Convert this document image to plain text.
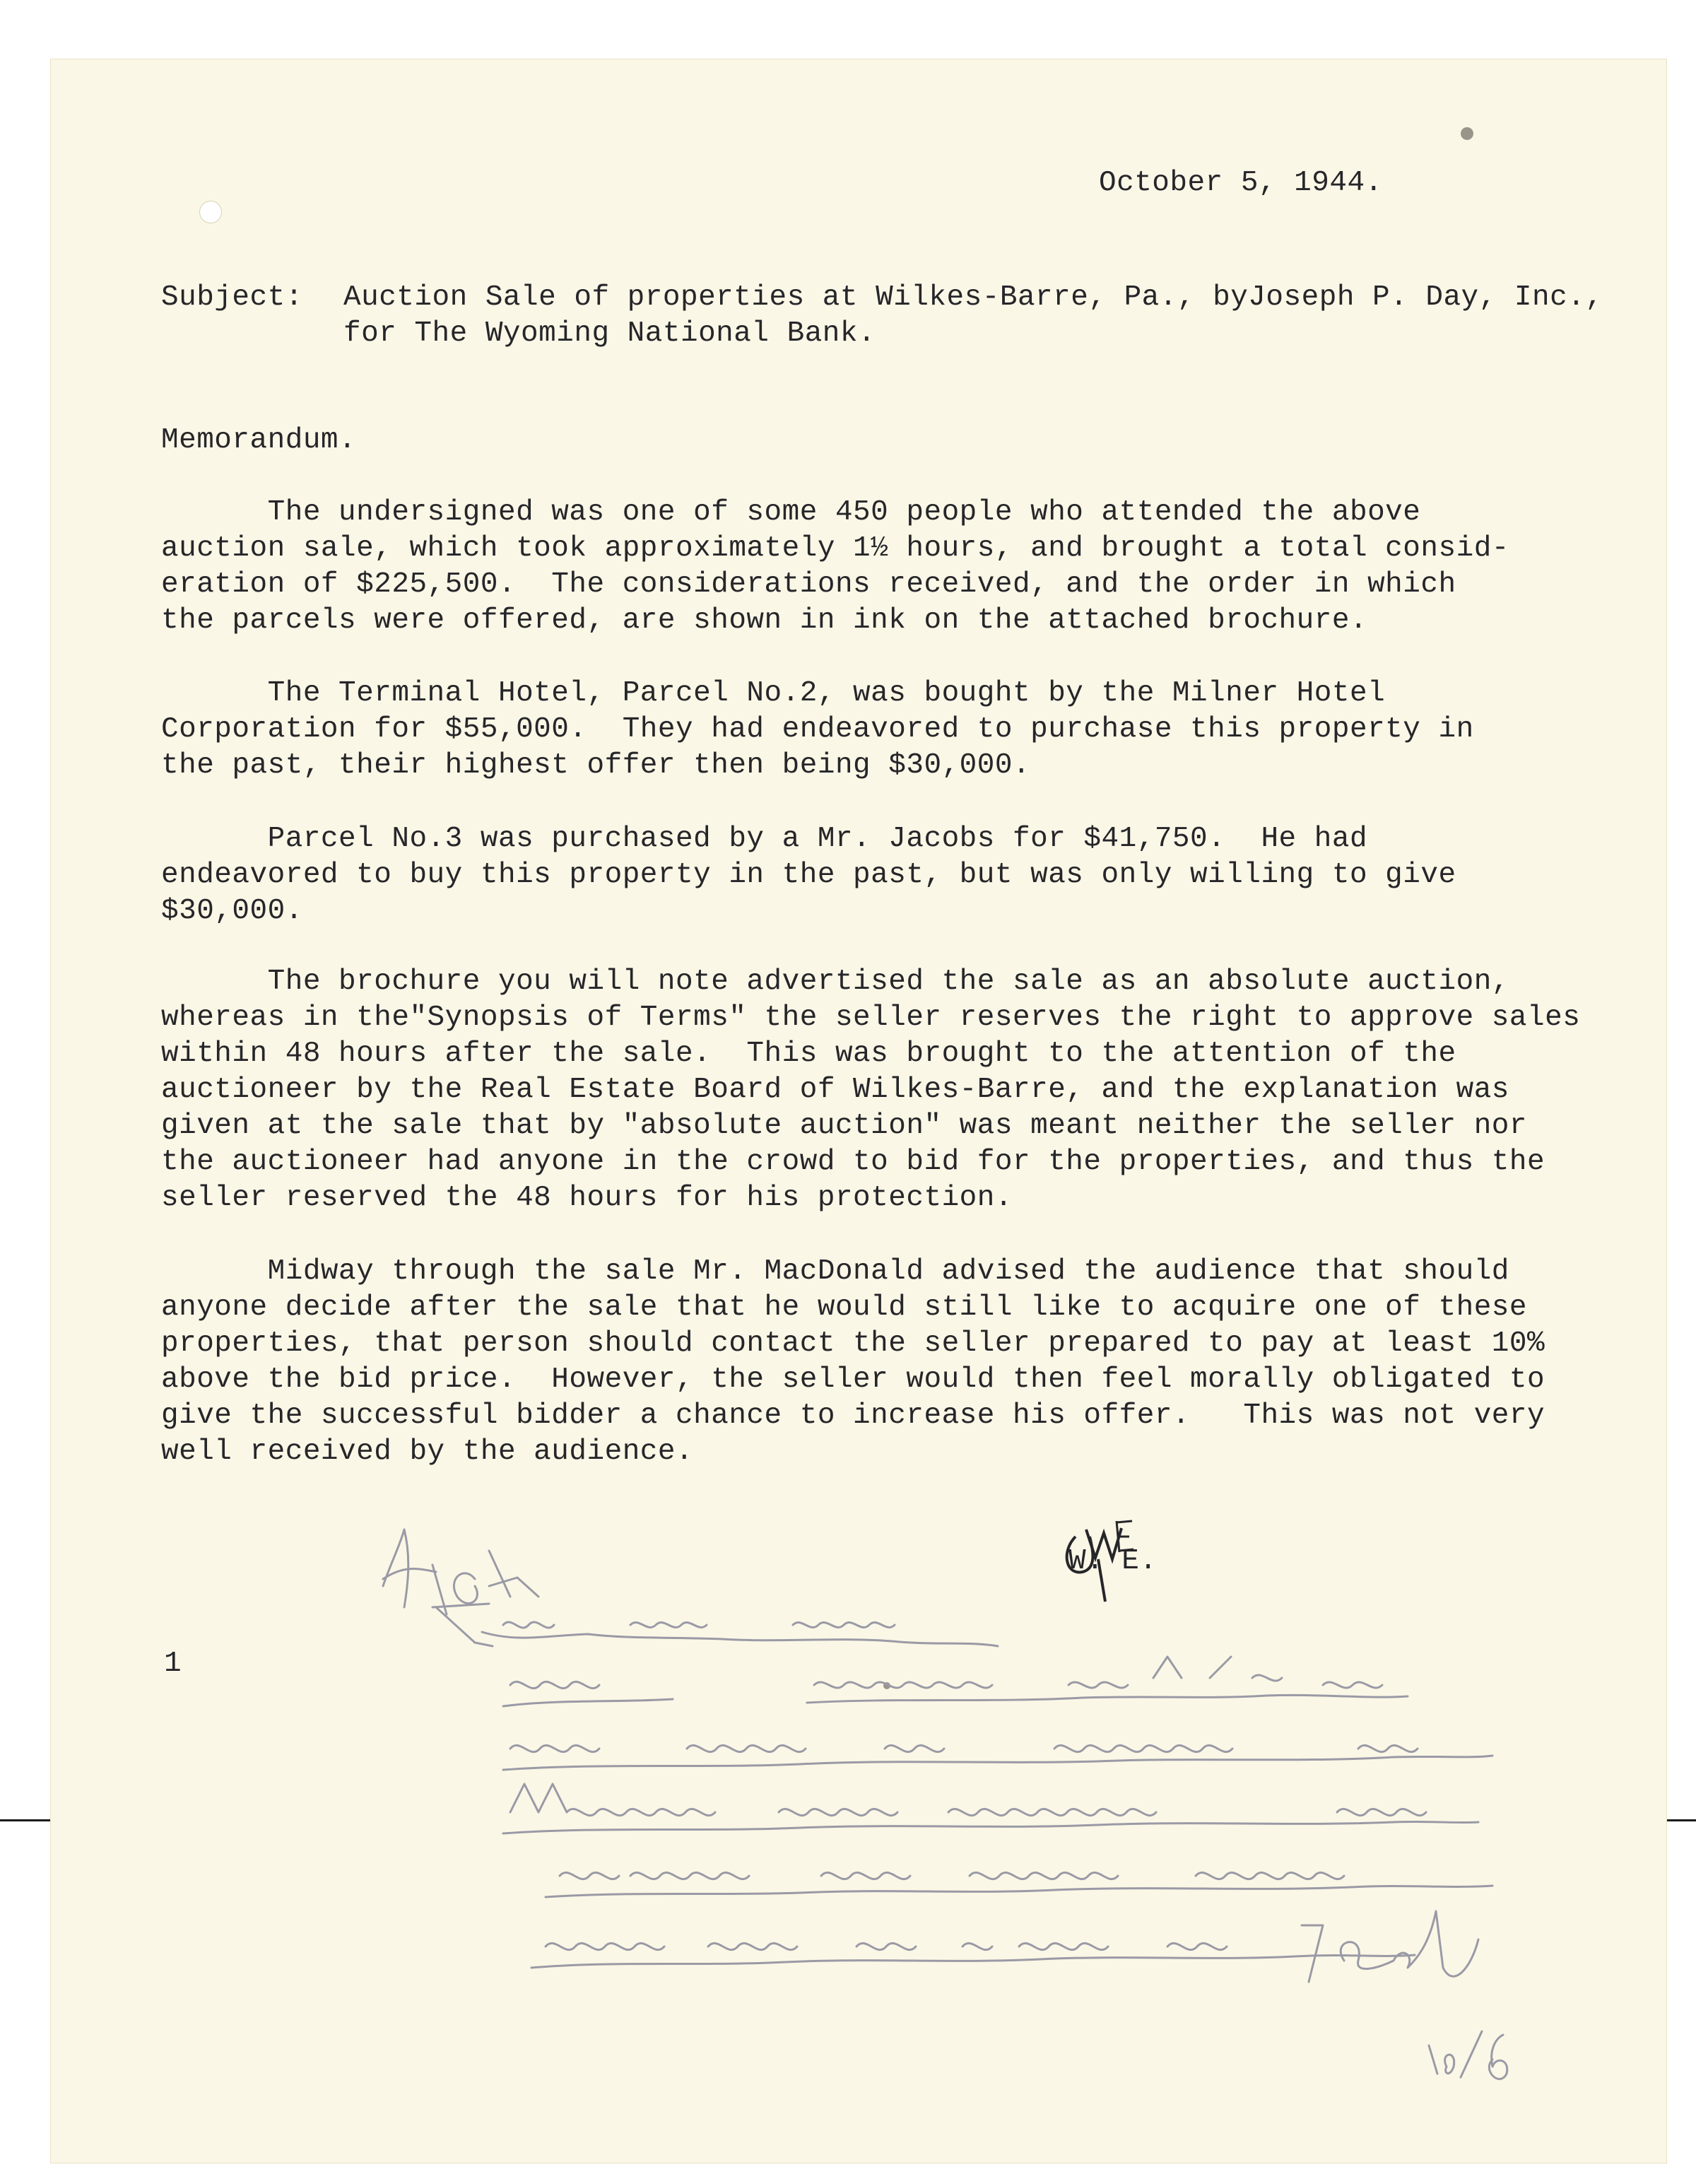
October 5, 1944.
Subject: Auction Sale of properties at Wilkes-Barre, Pa., byJoseph P. Day, Inc.,
for The Wyoming National Bank.
Memorandum.
The undersigned was one of some 450 people who attended the above
auction sale, which took approximately 1½ hours, and brought a total consid-
eration of $225,500.  The considerations received, and the order in which
the parcels were offered, are shown in ink on the attached brochure.
The Terminal Hotel, Parcel No.2, was bought by the Milner Hotel
Corporation for $55,000.  They had endeavored to purchase this property in
the past, their highest offer then being $30,000.
Parcel No.3 was purchased by a Mr. Jacobs for $41,750.  He had
endeavored to buy this property in the past, but was only willing to give
$30,000.
The brochure you will note advertised the sale as an absolute auction,
whereas in the"Synopsis of Terms" the seller reserves the right to approve sales
within 48 hours after the sale.  This was brought to the attention of the
auctioneer by the Real Estate Board of Wilkes-Barre, and the explanation was
given at the sale that by "absolute auction" was meant neither the seller nor
the auctioneer had anyone in the crowd to bid for the properties, and thus the
seller reserved the 48 hours for his protection.
Midway through the sale Mr. MacDonald advised the audience that should
anyone decide after the sale that he would still like to acquire one of these
properties, that person should contact the seller prepared to pay at least 10%
above the bid price.  However, the seller would then feel morally obligated to
give the successful bidder a chance to increase his offer.   This was not very
well received by the audience.
W. E.
1
